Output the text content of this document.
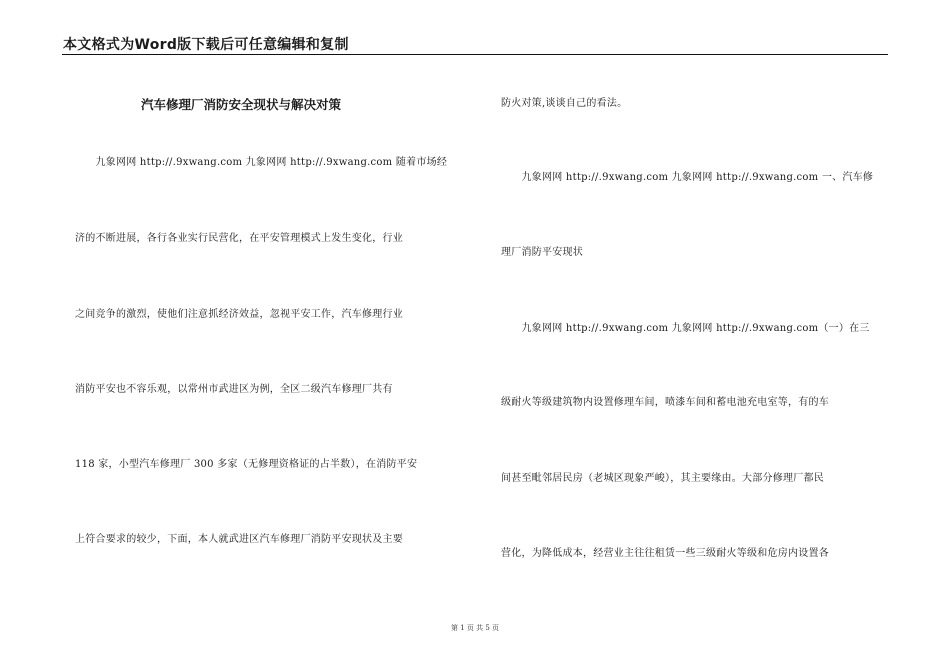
本文格式为Word版下载后可任意编辑和复制
汽车修理厂消防安全现状与解决对策
　　九象网网 http://.9xwang.com 九象网网 http://.9xwang.com 随着市场经
济的不断进展，各行各业实行民营化，在平安管理模式上发生变化，行业
之间竞争的激烈，使他们注意抓经济效益，忽视平安工作，汽车修理行业
消防平安也不容乐观，以常州市武进区为例，全区二级汽车修理厂共有
118 家，小型汽车修理厂 300 多家（无修理资格证的占半数），在消防平安
上符合要求的较少，下面，本人就武进区汽车修理厂消防平安现状及主要
防火对策,谈谈自己的看法。
　　九象网网 http://.9xwang.com 九象网网 http://.9xwang.com 一、汽车修
理厂消防平安现状
　　九象网网 http://.9xwang.com 九象网网 http://.9xwang.com（一）在三
级耐火等级建筑物内设置修理车间，喷漆车间和蓄电池充电室等，有的车
间甚至毗邻居民房（老城区现象严峻），其主要缘由。大部分修理厂都民
营化，为降低成本，经营业主往往租赁一些三级耐火等级和危房内设置各
第 1 页 共 5 页
